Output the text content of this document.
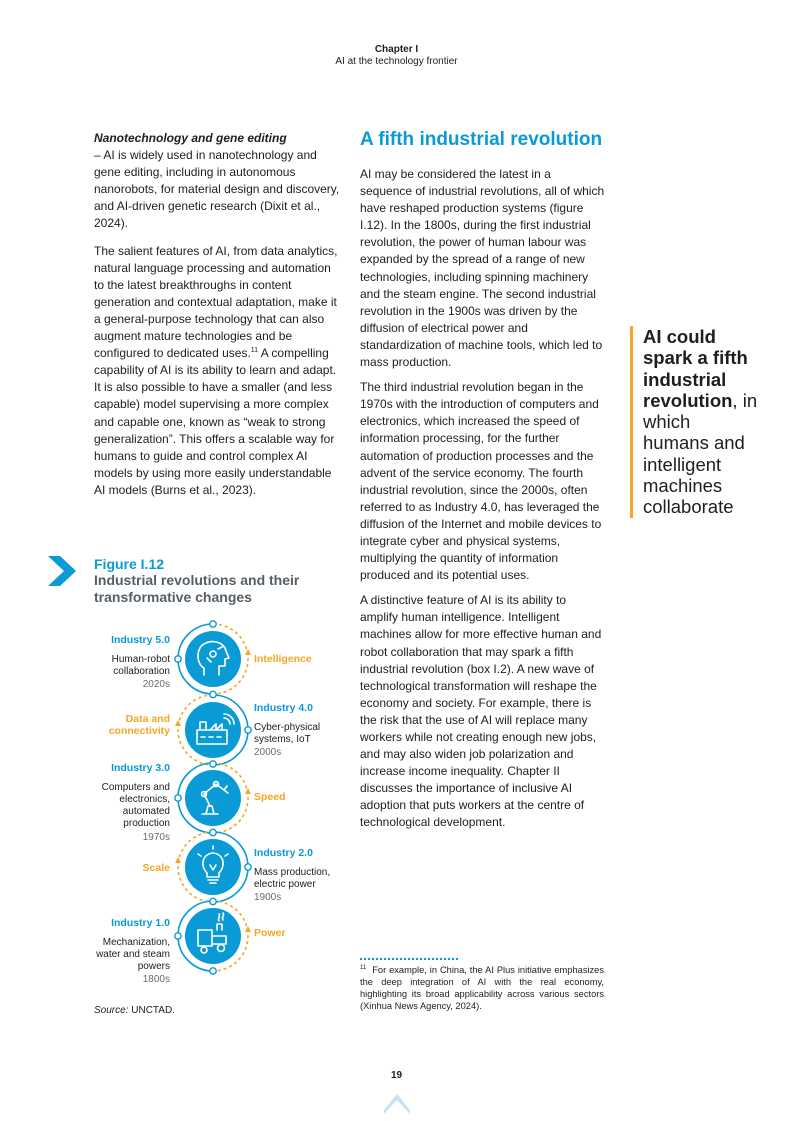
Chapter I
AI at the technology frontier

Nanotechnology and gene editing
– AI is widely used in nanotechnology and gene editing, including in autonomous nanorobots, for material design and discovery, and AI-driven genetic research (Dixit et al., 2024).

The salient features of AI, from data analytics, natural language processing and automation to the latest breakthroughs in content generation and contextual adaptation, make it a general-purpose technology that can also augment mature technologies and be configured to dedicated uses.$^{11}$ A compelling capability of AI is its ability to learn and adapt. It is also possible to have a smaller (and less capable) model supervising a more complex and capable one, known as “weak to strong generalization”. This offers a scalable way for humans to guide and control complex AI models by using more easily understandable AI models (Burns et al., 2023).

A fifth industrial revolution

AI may be considered the latest in a sequence of industrial revolutions, all of which have reshaped production systems (figure I.12). In the 1800s, during the first industrial revolution, the power of human labour was expanded by the spread of a range of new technologies, including spinning machinery and the steam engine. The second industrial revolution in the 1900s was driven by the diffusion of electrical power and standardization of machine tools, which led to mass production.

The third industrial revolution began in the 1970s with the introduction of computers and electronics, which increased the speed of information processing, for the further automation of production processes and the advent of the service economy. The fourth industrial revolution, since the 2000s, often referred to as Industry 4.0, has leveraged the diffusion of the Internet and mobile devices to integrate cyber and physical systems, multiplying the quantity of information produced and its potential uses.

A distinctive feature of AI is its ability to amplify human intelligence. Intelligent machines allow for more effective human and robot collaboration that may spark a fifth industrial revolution (box I.2). A new wave of technological transformation will reshape the economy and society. For example, there is the risk that the use of AI will replace many workers while not creating enough new jobs, and may also widen job polarization and increase income inequality. Chapter II discusses the importance of inclusive AI adoption that puts workers at the centre of technological development.

AI could spark a fifth industrial revolution, in which humans and intelligent machines collaborate
Figure I.12
Industrial revolutions and their transformative changes
Industry 5.0
Human-robot collaboration
2020s
Intelligence
Industry 4.0
Cyber-physical systems, IoT
2000s
Data and connectivity
Industry 3.0
Computers and electronics, automated production
1970s
Speed
Industry 2.0
Mass production, electric power
1900s
Scale
Industry 1.0
Mechanization, water and steam powers
1800s
Power
Source: UNCTAD.
$^{11}$ For example, in China, the AI Plus initiative emphasizes the deep integration of AI with the real economy, highlighting its broad applicability across various sectors (Xinhua News Agency, 2024).
19
